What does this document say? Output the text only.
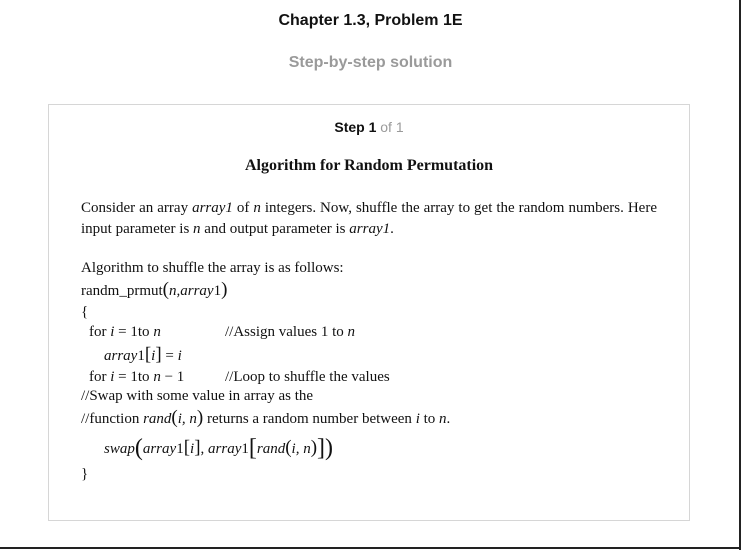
Chapter 1.3, Problem 1E
Step-by-step solution
Step 1 of 1
Algorithm for Random Permutation
Consider an array array1 of n integers. Now, shuffle the array to get the random numbers. Here input parameter is n and output parameter is array1.
Algorithm to shuffle the array is as follows:
randm_prmut(n,array1)
{
for i = 1to n	//Assign values 1 to n
array1[i] = i
for i = 1to n − 1	//Loop to shuffle the values
//Swap with some value in array as the
//function rand(i, n) returns a random number between i to n.
swap(array1[i], array1[rand(i, n)])
}
